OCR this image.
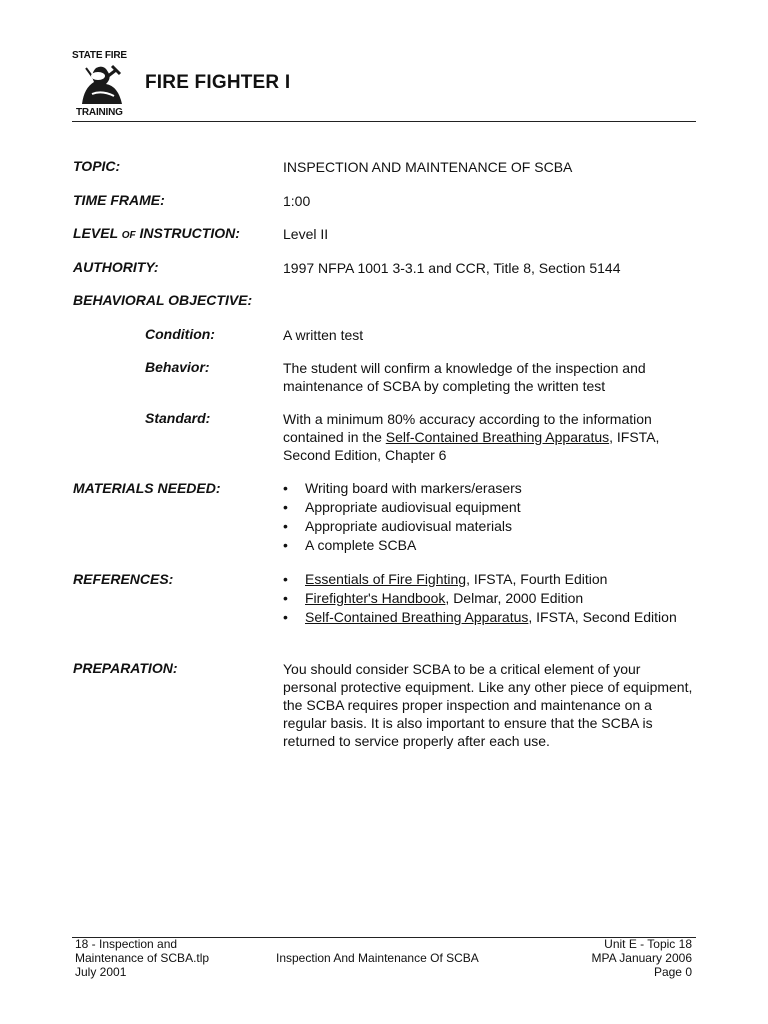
STATE FIRE
TRAINING
FIRE FIGHTER I
TOPIC:	INSPECTION AND MAINTENANCE OF SCBA
TIME FRAME:	1:00
LEVEL OF INSTRUCTION:	Level II
AUTHORITY:	1997 NFPA 1001 3-3.1 and CCR, Title 8, Section 5144
BEHAVIORAL OBJECTIVE:
Condition:	A written test
Behavior:	The student will confirm a knowledge of the inspection and maintenance of SCBA by completing the written test
Standard:	With a minimum 80% accuracy according to the information contained in the Self-Contained Breathing Apparatus, IFSTA, Second Edition, Chapter 6
MATERIALS NEEDED:	• Writing board with markers/erasers
• Appropriate audiovisual equipment
• Appropriate audiovisual materials
• A complete SCBA
REFERENCES:	• Essentials of Fire Fighting, IFSTA, Fourth Edition
• Firefighter's Handbook, Delmar, 2000 Edition
• Self-Contained Breathing Apparatus, IFSTA, Second Edition
PREPARATION:	You should consider SCBA to be a critical element of your personal protective equipment. Like any other piece of equipment, the SCBA requires proper inspection and maintenance on a regular basis. It is also important to ensure that the SCBA is returned to service properly after each use.
18 - Inspection and
Maintenance of SCBA.tlp
July 2001
Inspection And Maintenance Of SCBA
Unit E - Topic 18
MPA January 2006
Page 0
